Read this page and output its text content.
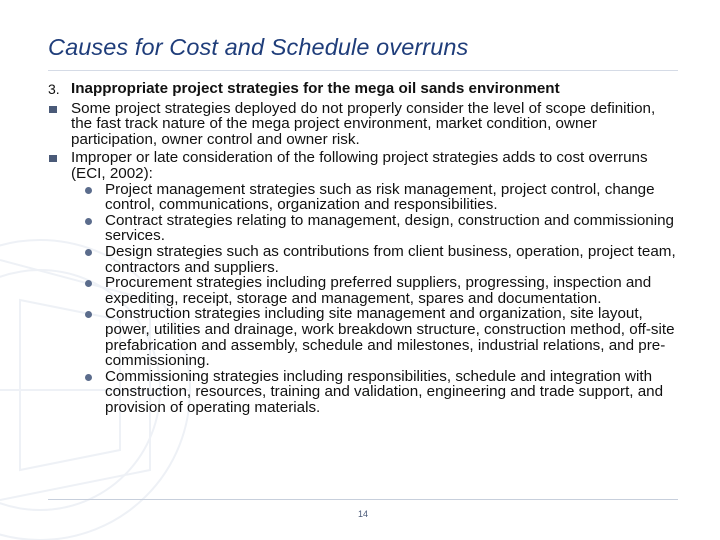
Causes for Cost and Schedule overruns
3. Inappropriate project strategies for the mega oil sands environment
Some project strategies deployed do not properly consider the level of scope definition, the fast track nature of the mega project environment, market condition, owner participation, owner control and owner risk.
Improper or late consideration of the following project strategies adds to cost overruns (ECI, 2002):
Project management strategies such as risk management, project control, change control, communications, organization and responsibilities.
Contract strategies relating to management, design, construction and commissioning services.
Design strategies such as contributions from client business, operation, project team, contractors and suppliers.
Procurement strategies including preferred suppliers, progressing, inspection and expediting, receipt, storage and management, spares and documentation.
Construction strategies including site management and organization, site layout, power, utilities and drainage, work breakdown structure, construction method, off-site prefabrication and assembly, schedule and milestones, industrial relations, and pre-commissioning.
Commissioning strategies including responsibilities, schedule and integration with construction, resources, training and validation, engineering and trade support, and provision of operating materials.
14
